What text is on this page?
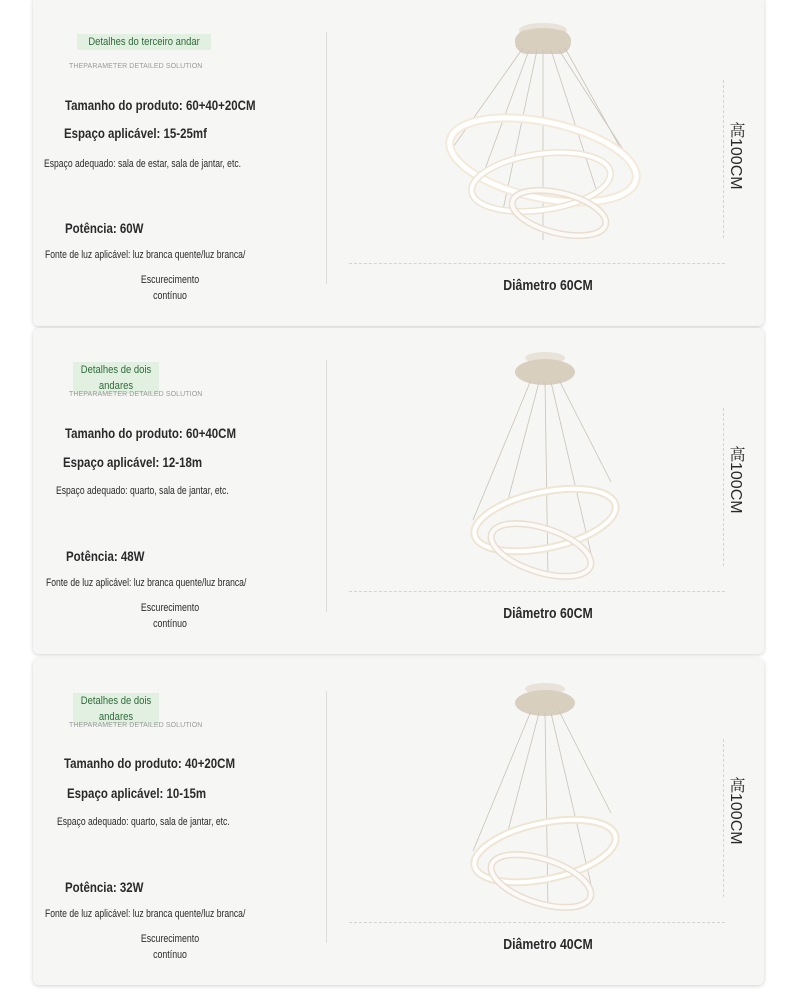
Detalhes do terceiro andar
THEPARAMETER DETAILED SOLUTION
Tamanho do produto: 60+40+20CM
Espaço aplicável: 15-25mf
Espaço adequado: sala de estar, sala de jantar, etc.
Potência: 60W
Fonte de luz aplicável: luz branca quente/luz branca/
Escurecimento
contínuo
高100CM
Diâmetro 60CM
Detalhes de dois andares
THEPARAMETER DETAILED SOLUTION
Tamanho do produto: 60+40CM
Espaço aplicável: 12-18m
Espaço adequado: quarto, sala de jantar, etc.
Potência: 48W
Fonte de luz aplicável: luz branca quente/luz branca/
Escurecimento
contínuo
高100CM
Diâmetro 60CM
Detalhes de dois andares
THEPARAMETER DETAILED SOLUTION
Tamanho do produto: 40+20CM
Espaço aplicável: 10-15m
Espaço adequado: quarto, sala de jantar, etc.
Potência: 32W
Fonte de luz aplicável: luz branca quente/luz branca/
Escurecimento
contínuo
高100CM
Diâmetro 40CM
